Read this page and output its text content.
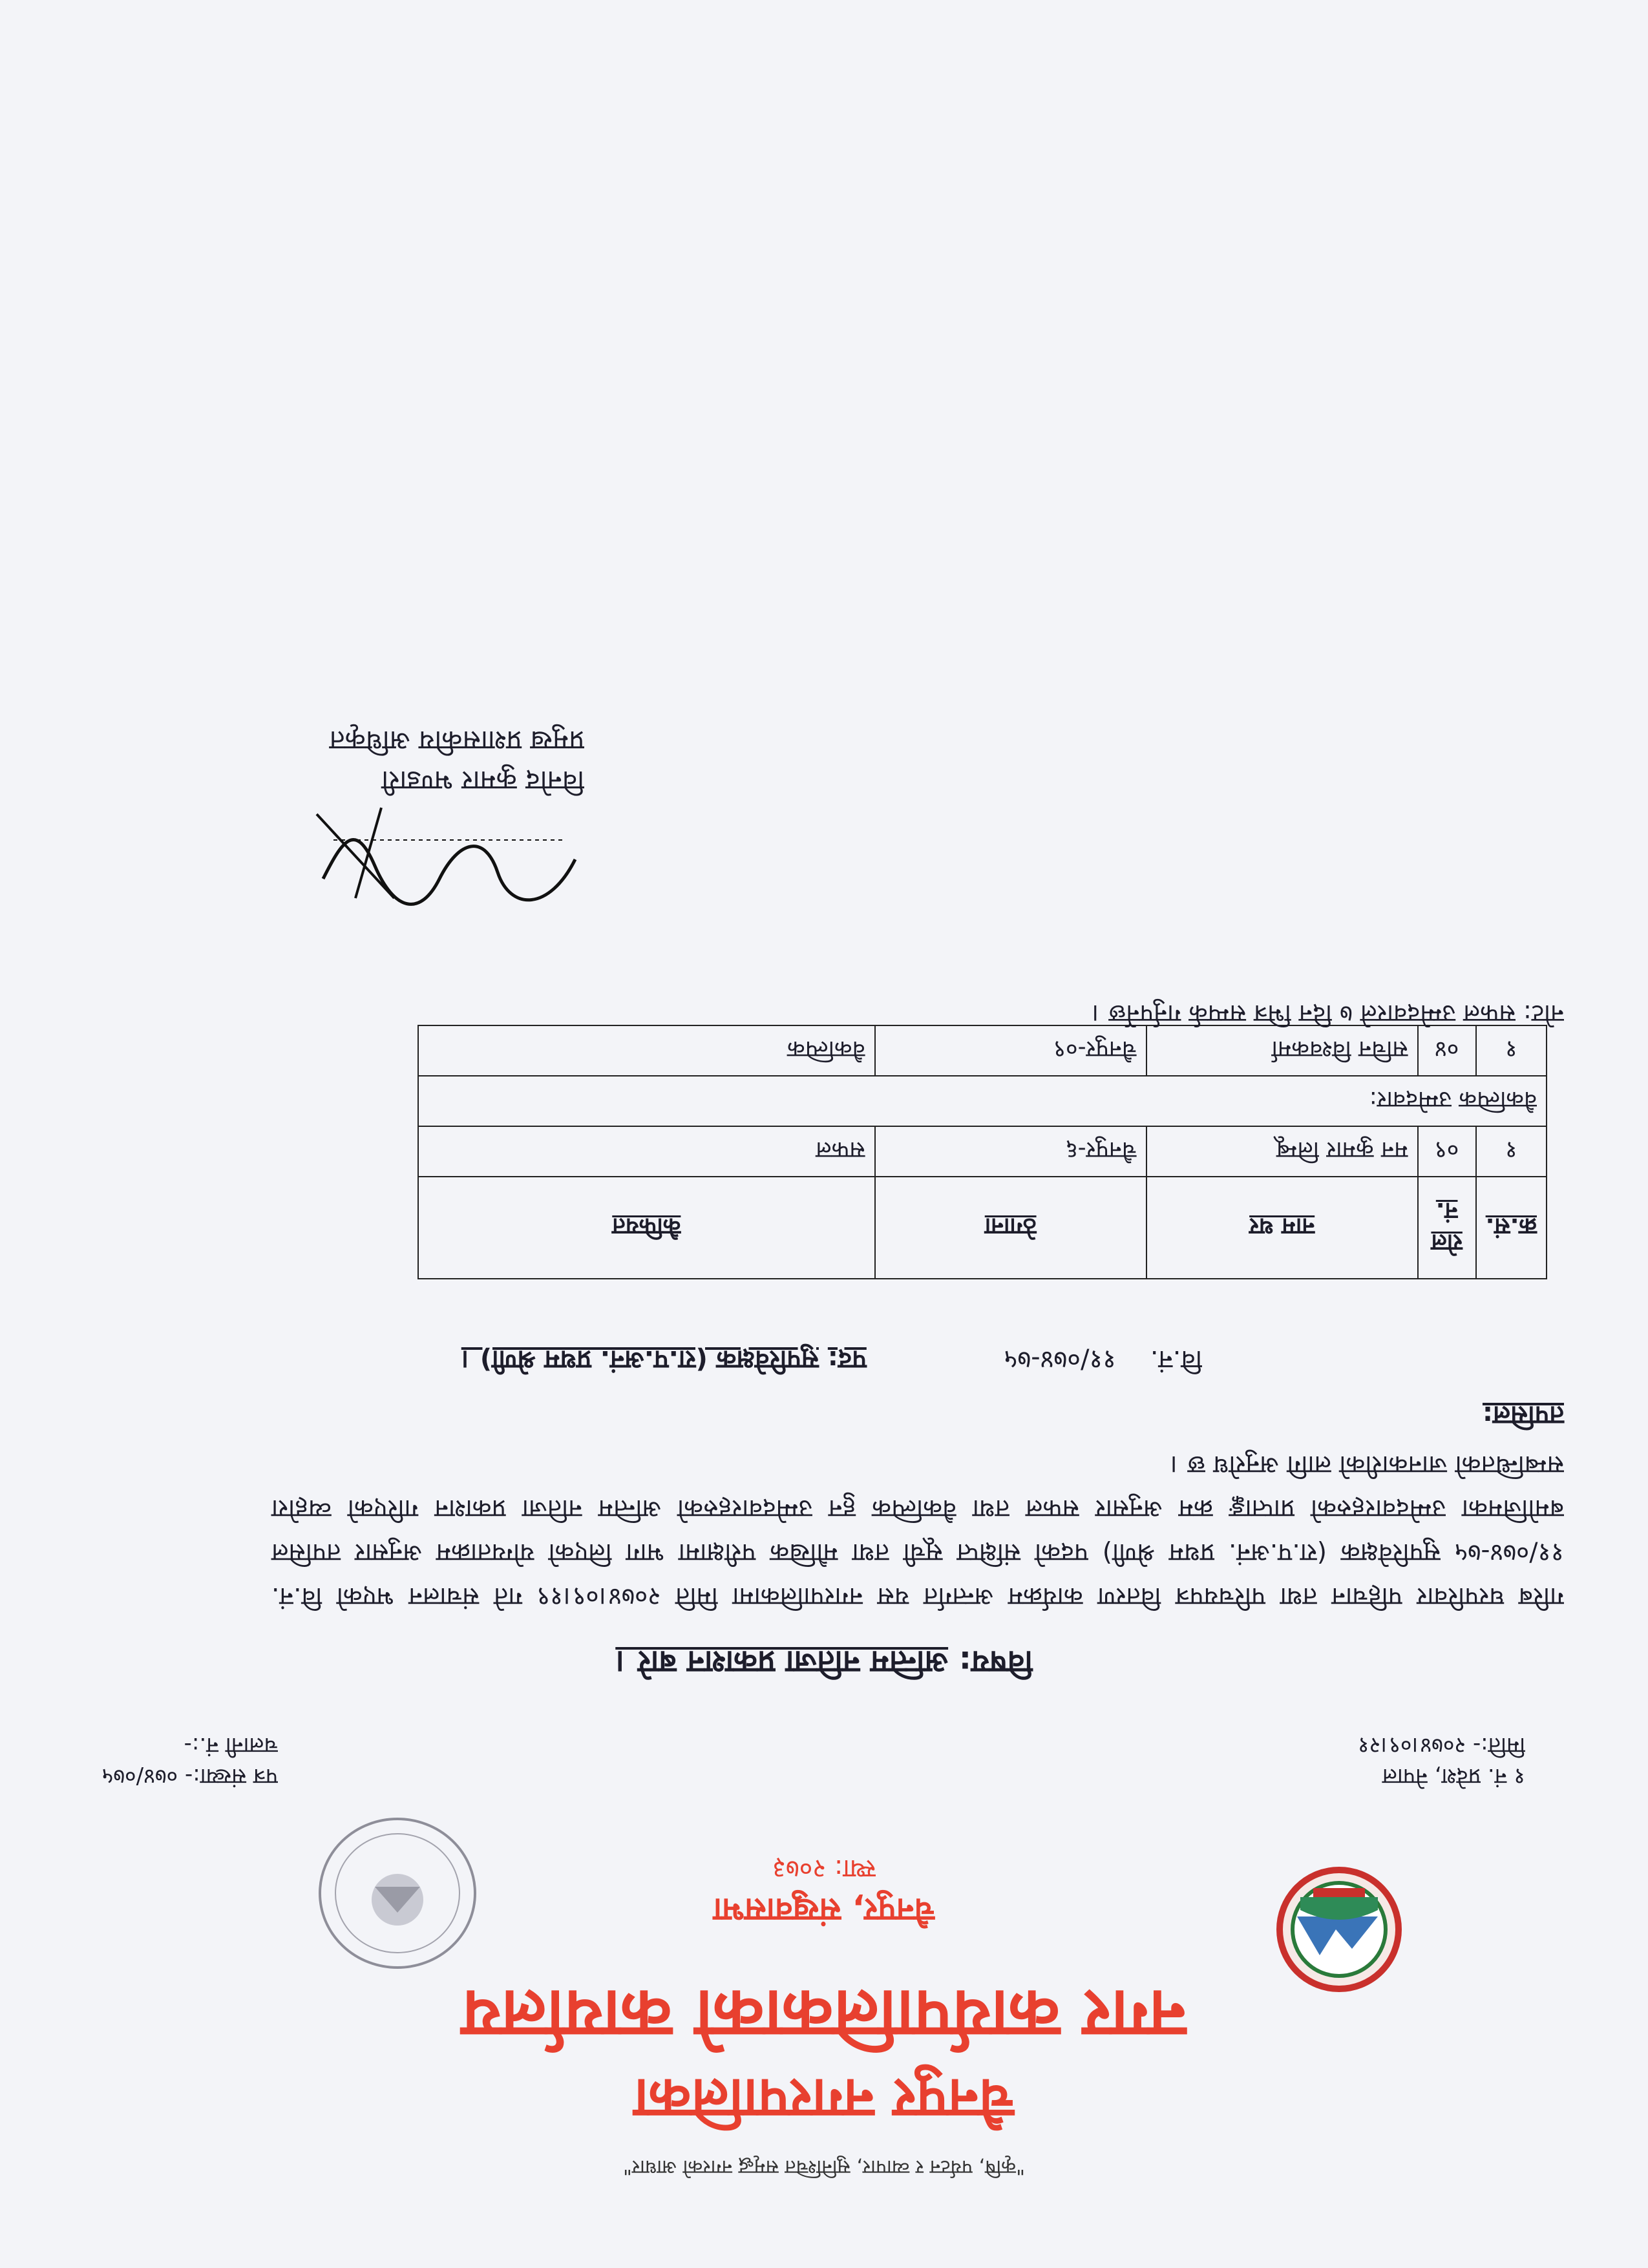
"कृषि, पर्यटन र व्यापार, सुनिश्चित समृद्ध नगरको आधार"
चैनपुर नगरपालिका
नगर कार्यपालिकाको कार्यालय
चैनपुर, संखुवासभा
स्था: २०७३
पत्र संख्या:- ०७४/०७५
चलानी नं.:-
१ नं. प्रदेश, नेपाल
मिति:- २०७४।०९।२१
विषय: अन्तिम नतिजा प्रकाशन बारे ।
गरिब घरपरिवार पहिचान तथा परिचयपत्र वितरण कार्यक्रम अन्तर्गत यस नगरपालिकामा मिति २०७४।०९।१९ गते संचालन भएको वि.नं. ११/०७४-७५ सुपरिवेक्षक (रा.प.अनं. प्रथम श्रेणी) पदको संक्षिप्त सूची तथा मौखिक परीक्षामा भाग लिएको योग्यताक्रम अनुसार तपसिल बमोजिमका उम्मेदवारहरुको प्राप्ताङ्क क्रम अनुसार सफल तथा वैकल्पिक हुन उम्मेदवारहरुको अन्तिम नतिजा प्रकाशन गरिएको व्यहोरा सम्बन्धितको जानकारीको लागि अनुरोध छ ।
तपसिल:
वि.नं. ११/०७४-७५ पद: सुपरिवेक्षक (रा.प.अनं. प्रथम श्रेणी) ।
क्र.सं.	रोल नं.	नाम थर	ठेगाना	कैफियत
१	०९	मन कुमार लिम्बू	चैनपुर-६	सफल
वैकल्पिक उम्मेदवार:				
१	०४	सचिन विश्वकर्मा	चैनपुर-०९	वैकल्पिक
नोट: सफल उम्मेदवारले ७ दिन भित्र सम्पर्क गर्नुपर्नेछ ।
विनोद कुमार भण्डारी
प्रमुख प्रशासकीय अधिकृत
